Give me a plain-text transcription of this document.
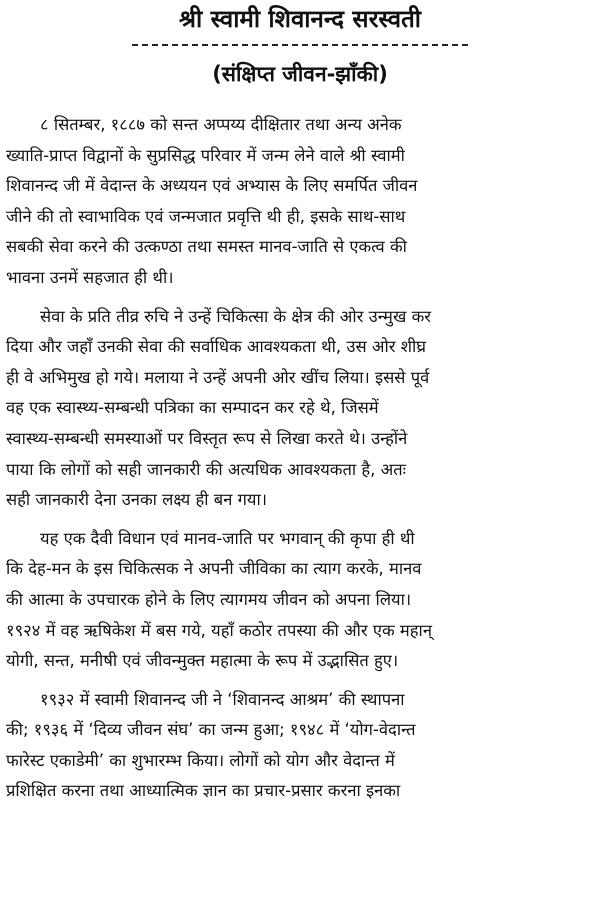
श्री स्वामी शिवानन्द सरस्वती
(संक्षिप्त जीवन-झाँकी)
८ सितम्बर, १८८७ को सन्त अप्पय्य दीक्षितार तथा अन्य अनेक
ख्याति-प्राप्त विद्वानों के सुप्रसिद्ध परिवार में जन्म लेने वाले श्री स्वामी
शिवानन्द जी में वेदान्त के अध्ययन एवं अभ्यास के लिए समर्पित जीवन
जीने की तो स्वाभाविक एवं जन्मजात प्रवृत्ति थी ही, इसके साथ-साथ
सबकी सेवा करने की उत्कण्ठा तथा समस्त मानव-जाति से एकत्व की
भावना उनमें सहजात ही थी।
सेवा के प्रति तीव्र रुचि ने उन्हें चिकित्सा के क्षेत्र की ओर उन्मुख कर
दिया और जहाँ उनकी सेवा की सर्वाधिक आवश्यकता थी, उस ओर शीघ्र
ही वे अभिमुख हो गये। मलाया ने उन्हें अपनी ओर खींच लिया। इससे पूर्व
वह एक स्वास्थ्य-सम्बन्धी पत्रिका का सम्पादन कर रहे थे, जिसमें
स्वास्थ्य-सम्बन्धी समस्याओं पर विस्तृत रूप से लिखा करते थे। उन्होंने
पाया कि लोगों को सही जानकारी की अत्यधिक आवश्यकता है, अतः
सही जानकारी देना उनका लक्ष्य ही बन गया।
यह एक दैवी विधान एवं मानव-जाति पर भगवान् की कृपा ही थी
कि देह-मन के इस चिकित्सक ने अपनी जीविका का त्याग करके, मानव
की आत्मा के उपचारक होने के लिए त्यागमय जीवन को अपना लिया।
१९२४ में वह ऋषिकेश में बस गये, यहाँ कठोर तपस्या की और एक महान्
योगी, सन्त, मनीषी एवं जीवन्मुक्त महात्मा के रूप में उद्भासित हुए।
१९३२ में स्वामी शिवानन्द जी ने ‘शिवानन्द आश्रम’ की स्थापना
की; १९३६ में ‘दिव्य जीवन संघ’ का जन्म हुआ; १९४८ में ‘योग-वेदान्त
फारेस्ट एकाडेमी’ का शुभारम्भ किया। लोगों को योग और वेदान्त में
प्रशिक्षित करना तथा आध्यात्मिक ज्ञान का प्रचार-प्रसार करना इनका
